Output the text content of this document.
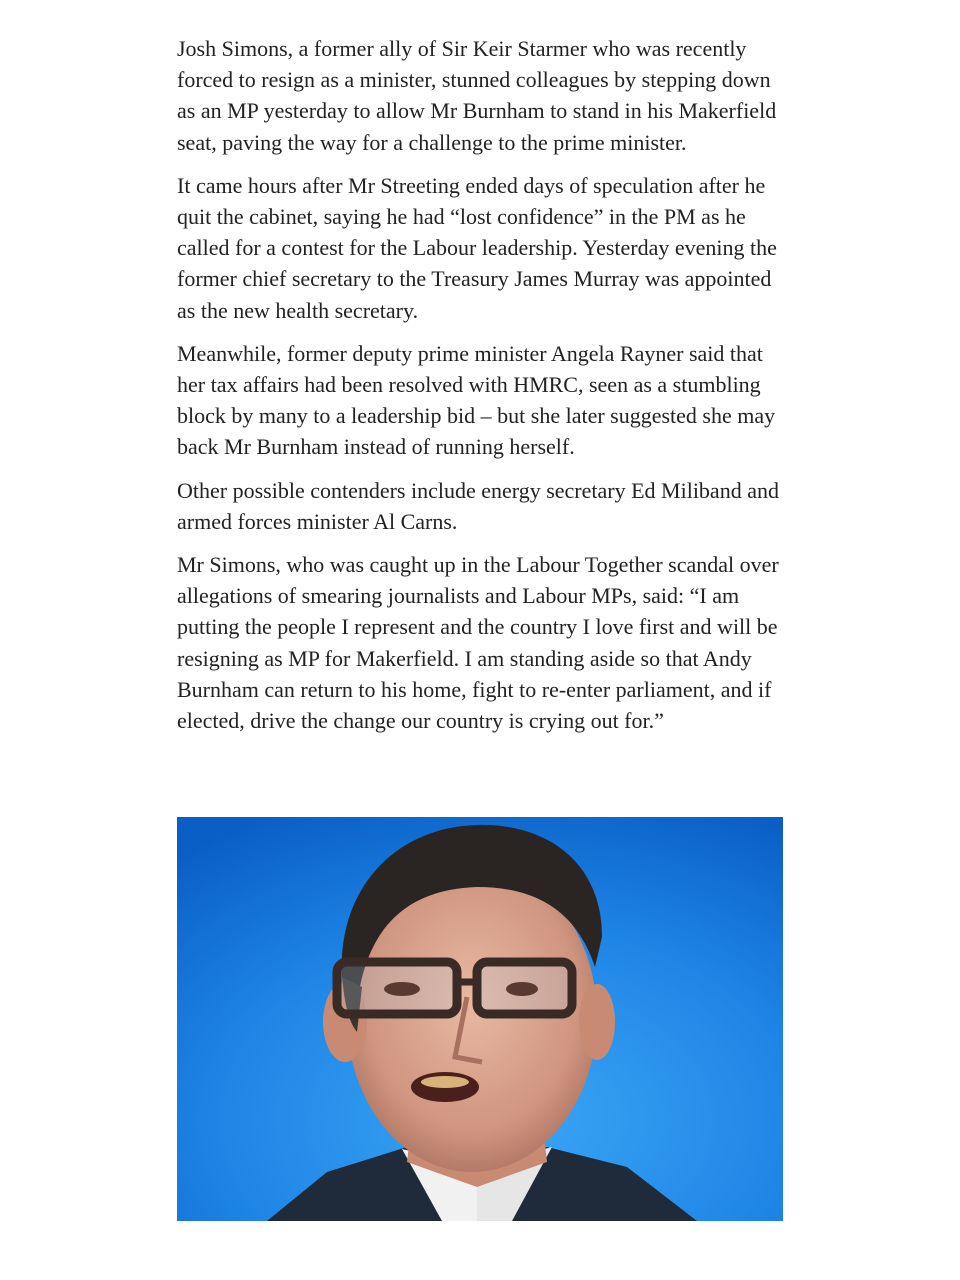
Josh Simons, a former ally of Sir Keir Starmer who was recently forced to resign as a minister, stunned colleagues by stepping down as an MP yesterday to allow Mr Burnham to stand in his Makerfield seat, paving the way for a challenge to the prime minister.

It came hours after Mr Streeting ended days of speculation after he quit the cabinet, saying he had “lost confidence” in the PM as he called for a contest for the Labour leadership. Yesterday evening the former chief secretary to the Treasury James Murray was appointed as the new health secretary.

Meanwhile, former deputy prime minister Angela Rayner said that her tax affairs had been resolved with HMRC, seen as a stumbling block by many to a leadership bid – but she later suggested she may back Mr Burnham instead of running herself.

Other possible contenders include energy secretary Ed Miliband and armed forces minister Al Carns.

Mr Simons, who was caught up in the Labour Together scandal over allegations of smearing journalists and Labour MPs, said: “I am putting the people I represent and the country I love first and will be resigning as MP for Makerfield. I am standing aside so that Andy Burnham can return to his home, fight to re-enter parliament, and if elected, drive the change our country is crying out for.”
